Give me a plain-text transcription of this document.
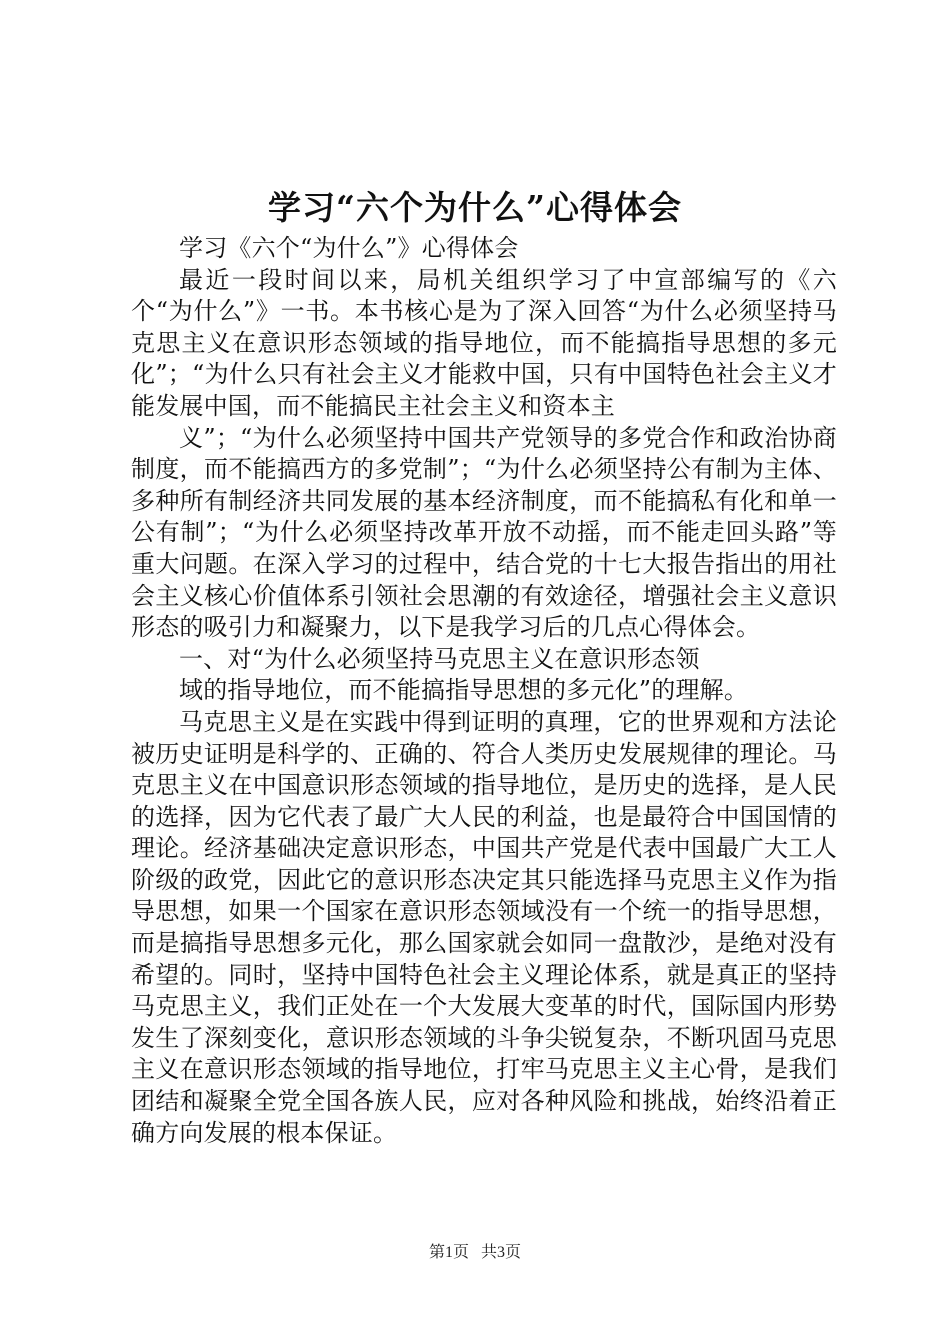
学习“六个为什么”心得体会

学习《六个“为什么”》心得体会

最近一段时间以来，局机关组织学习了中宣部编写的《六个“为什么”》一书。本书核心是为了深入回答“为什么必须坚持马克思主义在意识形态领域的指导地位，而不能搞指导思想的多元化”；“为什么只有社会主义才能救中国，只有中国特色社会主义才能发展中国，而不能搞民主社会主义和资本主

义”；“为什么必须坚持中国共产党领导的多党合作和政治协商制度，而不能搞西方的多党制”；“为什么必须坚持公有制为主体、多种所有制经济共同发展的基本经济制度，而不能搞私有化和单一公有制”；“为什么必须坚持改革开放不动摇，而不能走回头路”等重大问题。在深入学习的过程中，结合党的十七大报告指出的用社会主义核心价值体系引领社会思潮的有效途径，增强社会主义意识形态的吸引力和凝聚力，以下是我学习后的几点心得体会。

一、对“为什么必须坚持马克思主义在意识形态领

域的指导地位，而不能搞指导思想的多元化”的理解。

马克思主义是在实践中得到证明的真理，它的世界观和方法论被历史证明是科学的、正确的、符合人类历史发展规律的理论。马克思主义在中国意识形态领域的指导地位，是历史的选择，是人民的选择，因为它代表了最广大人民的利益，也是最符合中国国情的理论。经济基础决定意识形态，中国共产党是代表中国最广大工人阶级的政党，因此它的意识形态决定其只能选择马克思主义作为指导思想，如果一个国家在意识形态领域没有一个统一的指导思想，而是搞指导思想多元化，那么国家就会如同一盘散沙，是绝对没有希望的。同时，坚持中国特色社会主义理论体系，就是真正的坚持马克思主义，我们正处在一个大发展大变革的时代，国际国内形势发生了深刻变化，意识形态领域的斗争尖锐复杂，不断巩固马克思主义在意识形态领域的指导地位，打牢马克思主义主心骨，是我们团结和凝聚全党全国各族人民，应对各种风险和挑战，始终沿着正确方向发展的根本保证。

第1页 共3页
